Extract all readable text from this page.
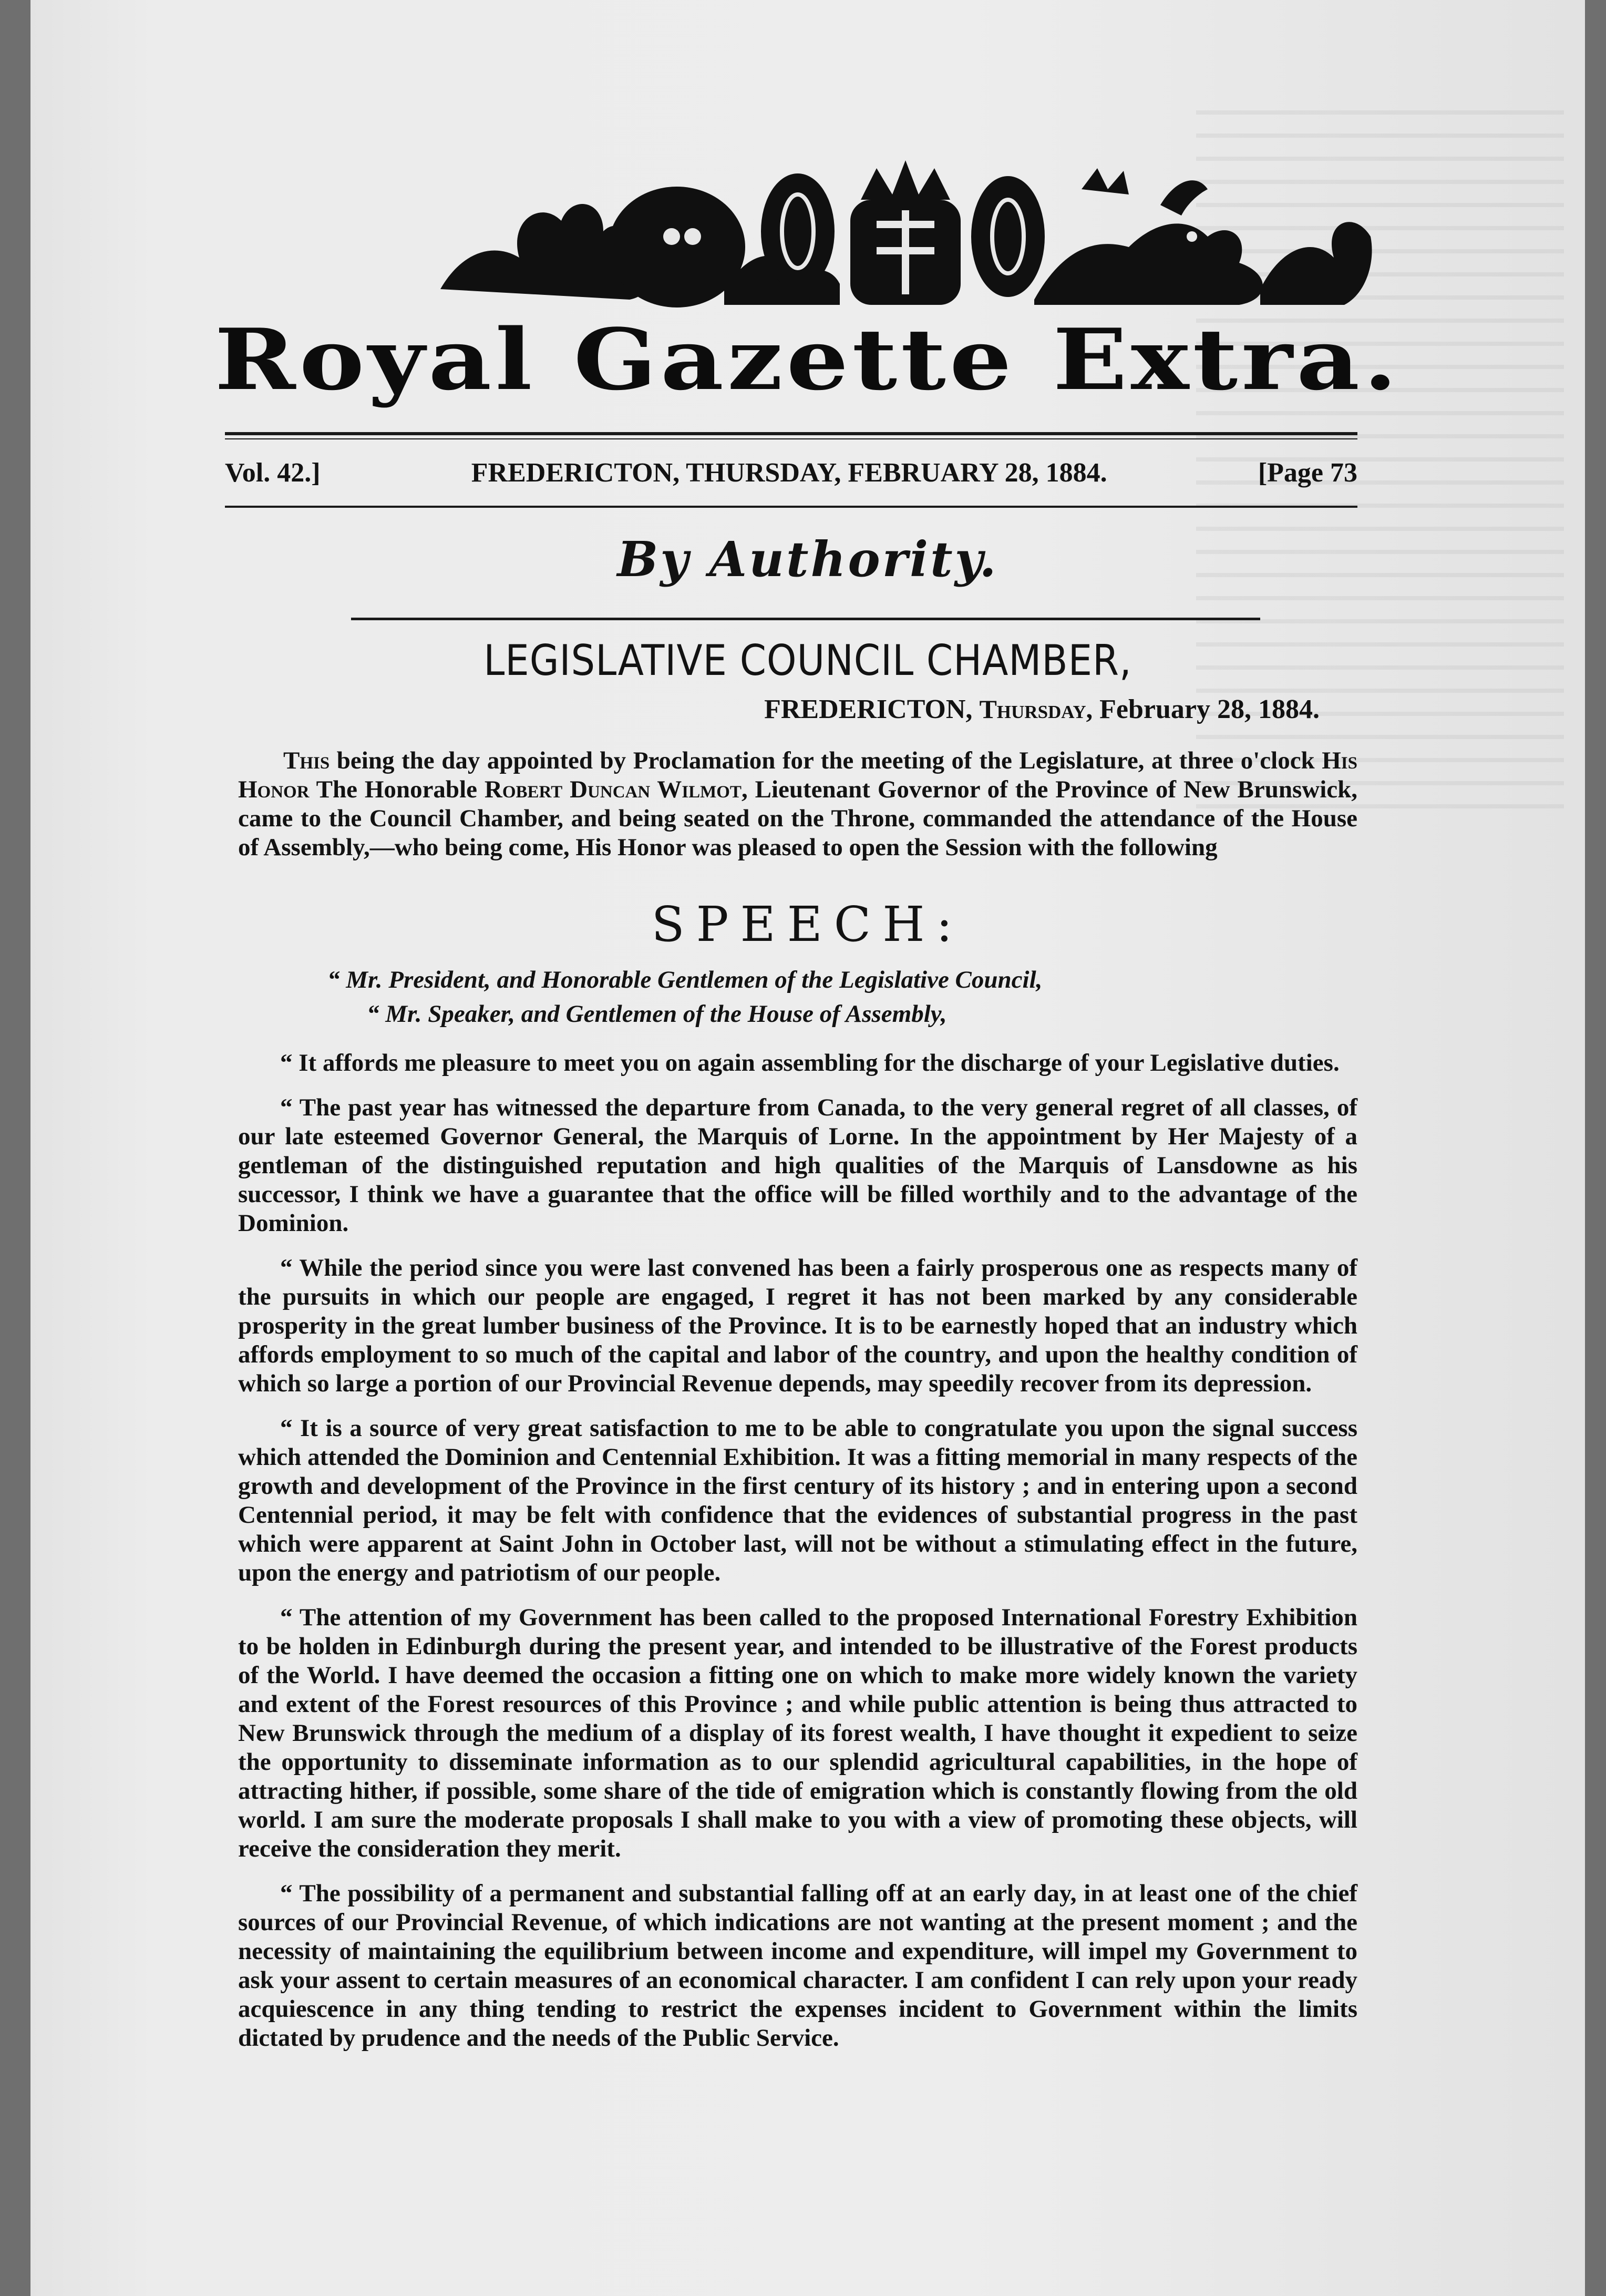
Royal Gazette Extra.
Vol. 42.]	FREDERICTON, THURSDAY, FEBRUARY 28, 1884.	[Page 73
By Authority.
LEGISLATIVE COUNCIL CHAMBER,
FREDERICTON, Thursday, February 28, 1884.
This being the day appointed by Proclamation for the meeting of the Legislature, at three o'clock His Honor The Honorable Robert Duncan Wilmot, Lieutenant Governor of the Province of New Brunswick, came to the Council Chamber, and being seated on the Throne, commanded the attendance of the House of Assembly,—who being come, His Honor was pleased to open the Session with the following
SPEECH:
“ Mr. President, and Honorable Gentlemen of the Legislative Council,
“ Mr. Speaker, and Gentlemen of the House of Assembly,

“ It affords me pleasure to meet you on again assembling for the discharge of your Legislative duties.

“ The past year has witnessed the departure from Canada, to the very general regret of all classes, of our late esteemed Governor General, the Marquis of Lorne. In the appointment by Her Majesty of a gentleman of the distinguished reputation and high qualities of the Marquis of Lansdowne as his successor, I think we have a guarantee that the office will be filled worthily and to the advantage of the Dominion.

“ While the period since you were last convened has been a fairly prosperous one as respects many of the pursuits in which our people are engaged, I regret it has not been marked by any considerable prosperity in the great lumber business of the Province. It is to be earnestly hoped that an industry which affords employment to so much of the capital and labor of the country, and upon the healthy condition of which so large a portion of our Provincial Revenue depends, may speedily recover from its depression.

“ It is a source of very great satisfaction to me to be able to congratulate you upon the signal success which attended the Dominion and Centennial Exhibition. It was a fitting memorial in many respects of the growth and development of the Province in the first century of its history ; and in entering upon a second Centennial period, it may be felt with confidence that the evidences of substantial progress in the past which were apparent at Saint John in October last, will not be without a stimulating effect in the future, upon the energy and patriotism of our people.

“ The attention of my Government has been called to the proposed International Forestry Exhibition to be holden in Edinburgh during the present year, and intended to be illustrative of the Forest products of the World. I have deemed the occasion a fitting one on which to make more widely known the variety and extent of the Forest resources of this Province ; and while public attention is being thus attracted to New Brunswick through the medium of a display of its forest wealth, I have thought it expedient to seize the opportunity to disseminate information as to our splendid agricultural capabilities, in the hope of attracting hither, if possible, some share of the tide of emigration which is constantly flowing from the old world. I am sure the moderate proposals I shall make to you with a view of promoting these objects, will receive the consideration they merit.

“ The possibility of a permanent and substantial falling off at an early day, in at least one of the chief sources of our Provincial Revenue, of which indications are not wanting at the present moment ; and the necessity of maintaining the equilibrium between income and expenditure, will impel my Government to ask your assent to certain measures of an economical character. I am confident I can rely upon your ready acquiescence in any thing tending to restrict the expenses incident to Government within the limits dictated by prudence and the needs of the Public Service.
